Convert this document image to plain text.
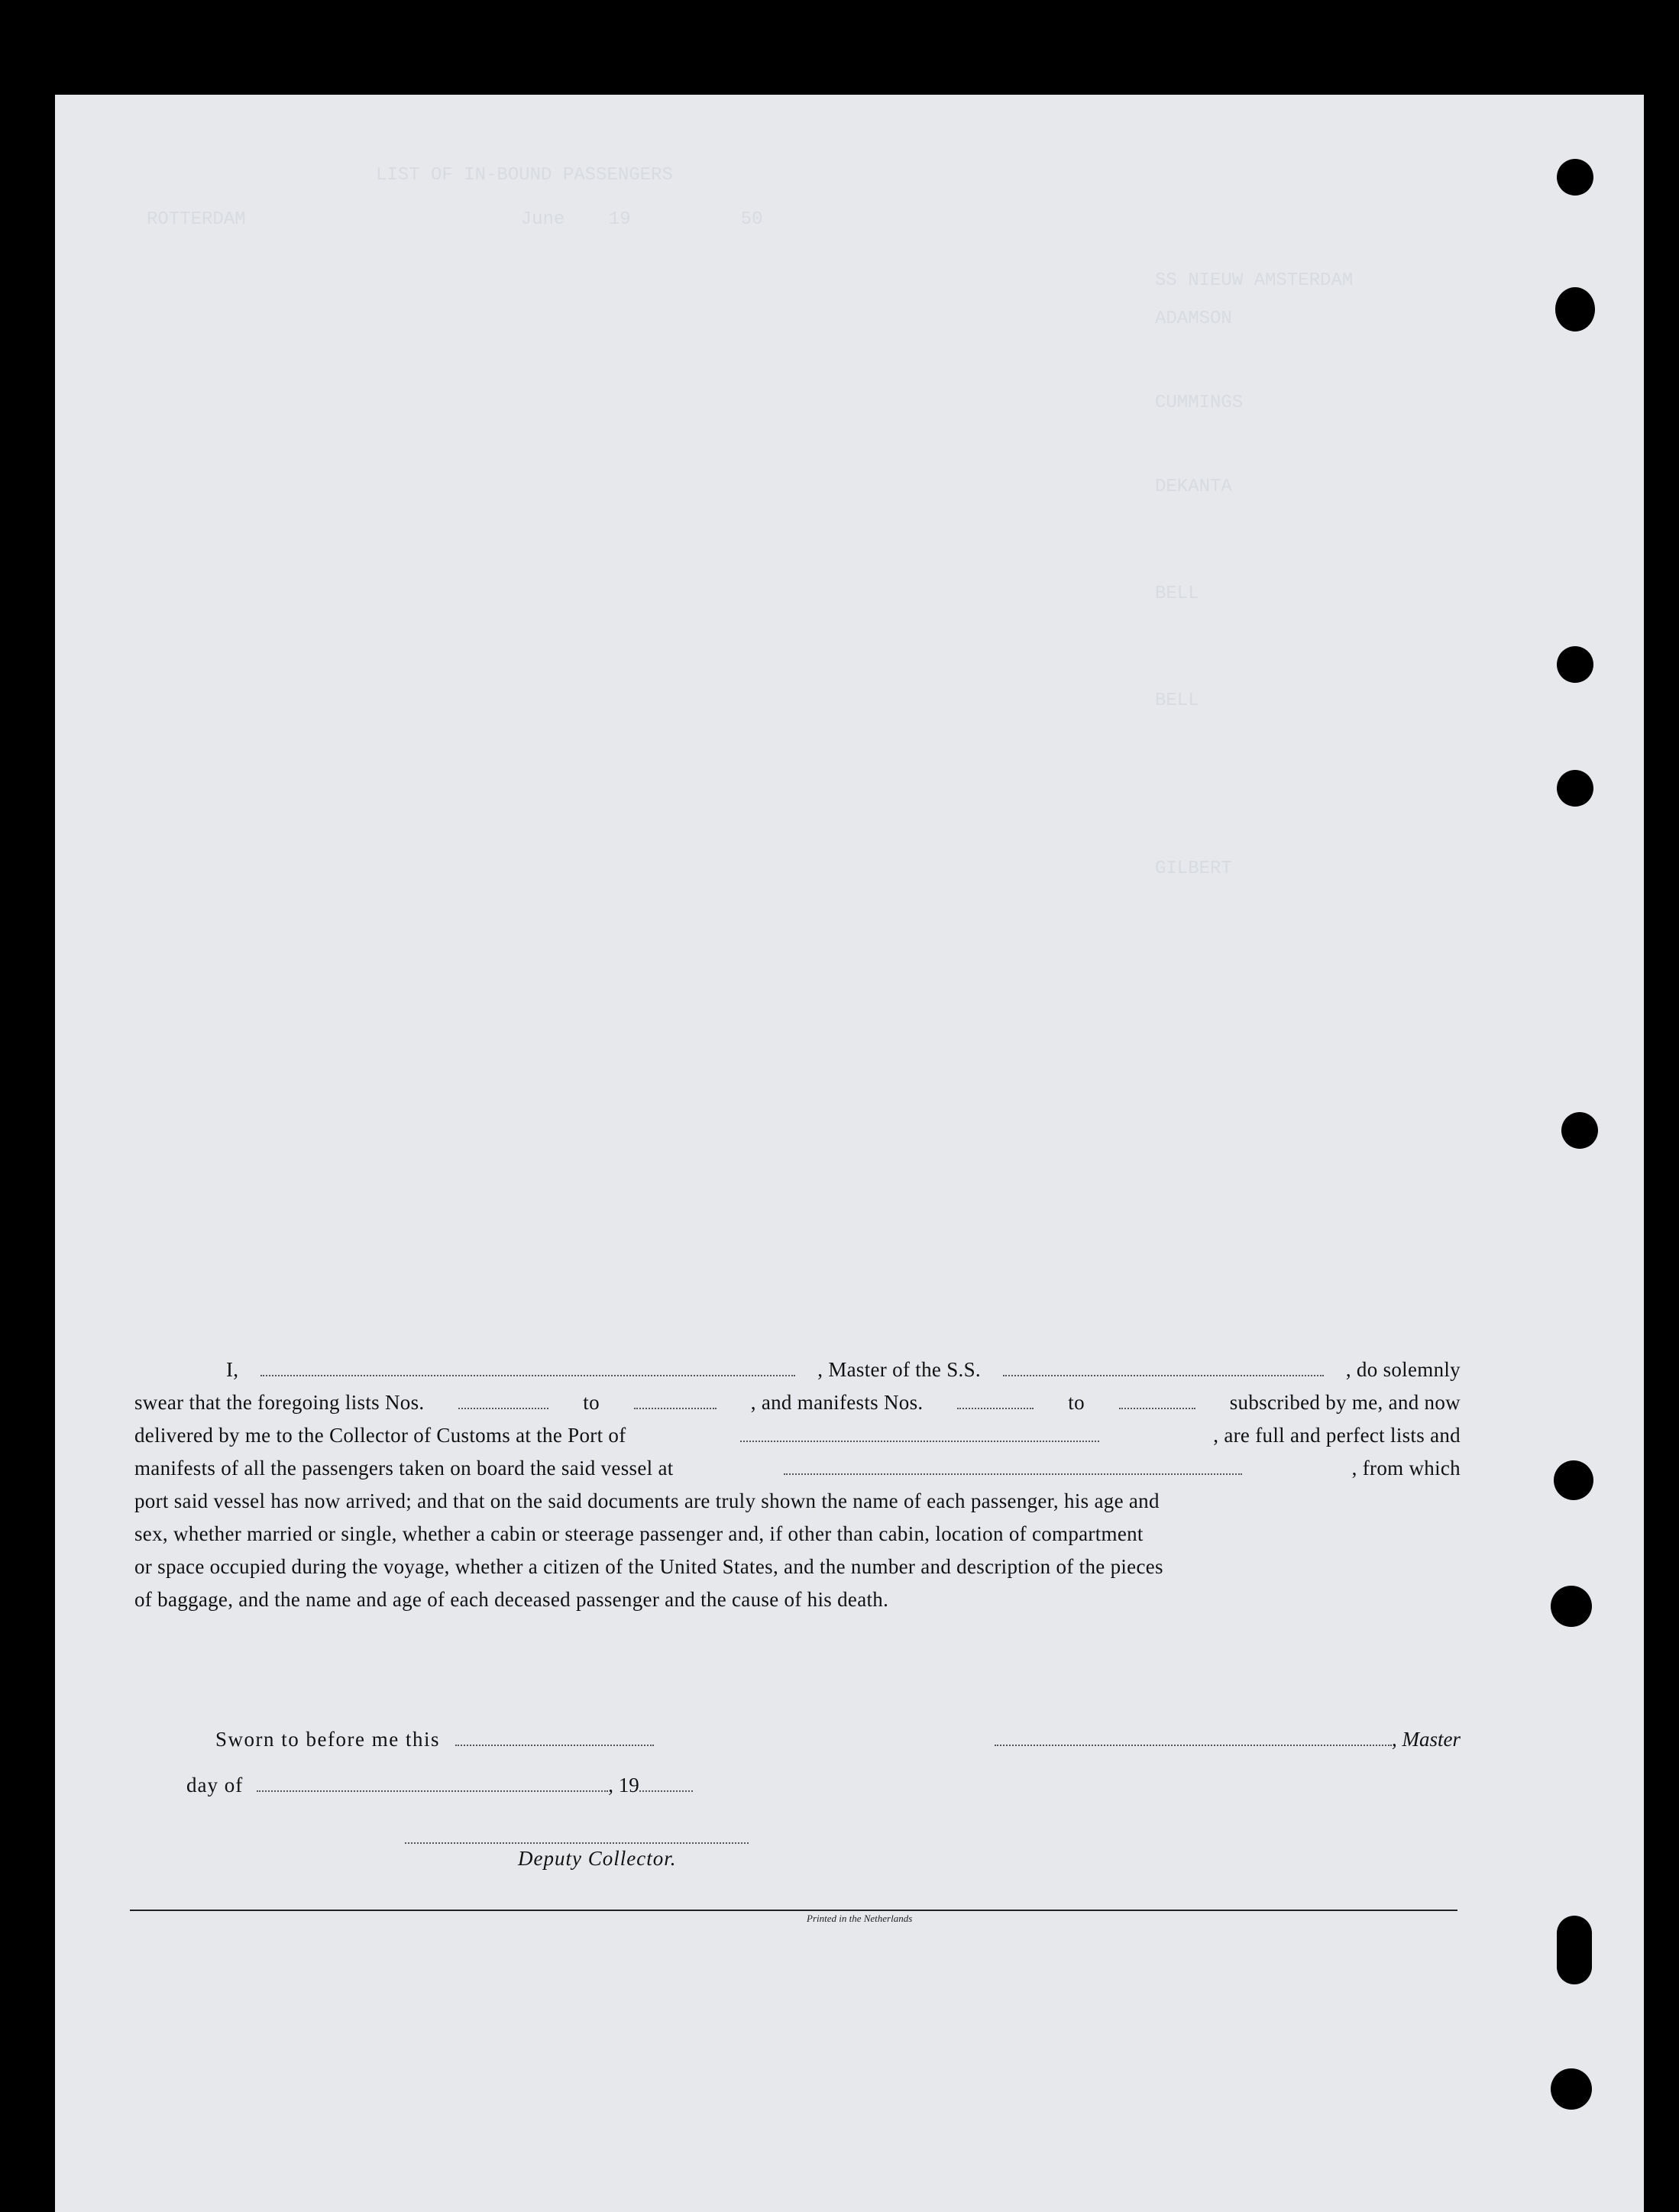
LIST OF IN-BOUND PASSENGERS
ROTTERDAM                         June    19          50
SS NIEUW AMSTERDAM
ADAMSON
CUMMINGS
DEKANTA
BELL
BELL
GILBERT
I,	, Master of the S.S.	, do solemnly
swear that the foregoing lists Nos.	to	, and manifests Nos.	to	subscribed by me, and now
delivered by me to the Collector of Customs at the Port of	, are full and perfect lists and
manifests of all the passengers taken on board the said vessel at	, from which
port said vessel has now arrived; and that on the said documents are truly shown the name of each passenger, his age and
sex, whether married or single, whether a cabin or steerage passenger and, if other than cabin, location of compartment
or space occupied during the voyage, whether a citizen of the United States, and the number and description of the pieces
of baggage, and the name and age of each deceased passenger and the cause of his death.
Sworn to before me this	, Master
day of	, 19
Deputy Collector.
Printed in the Netherlands
